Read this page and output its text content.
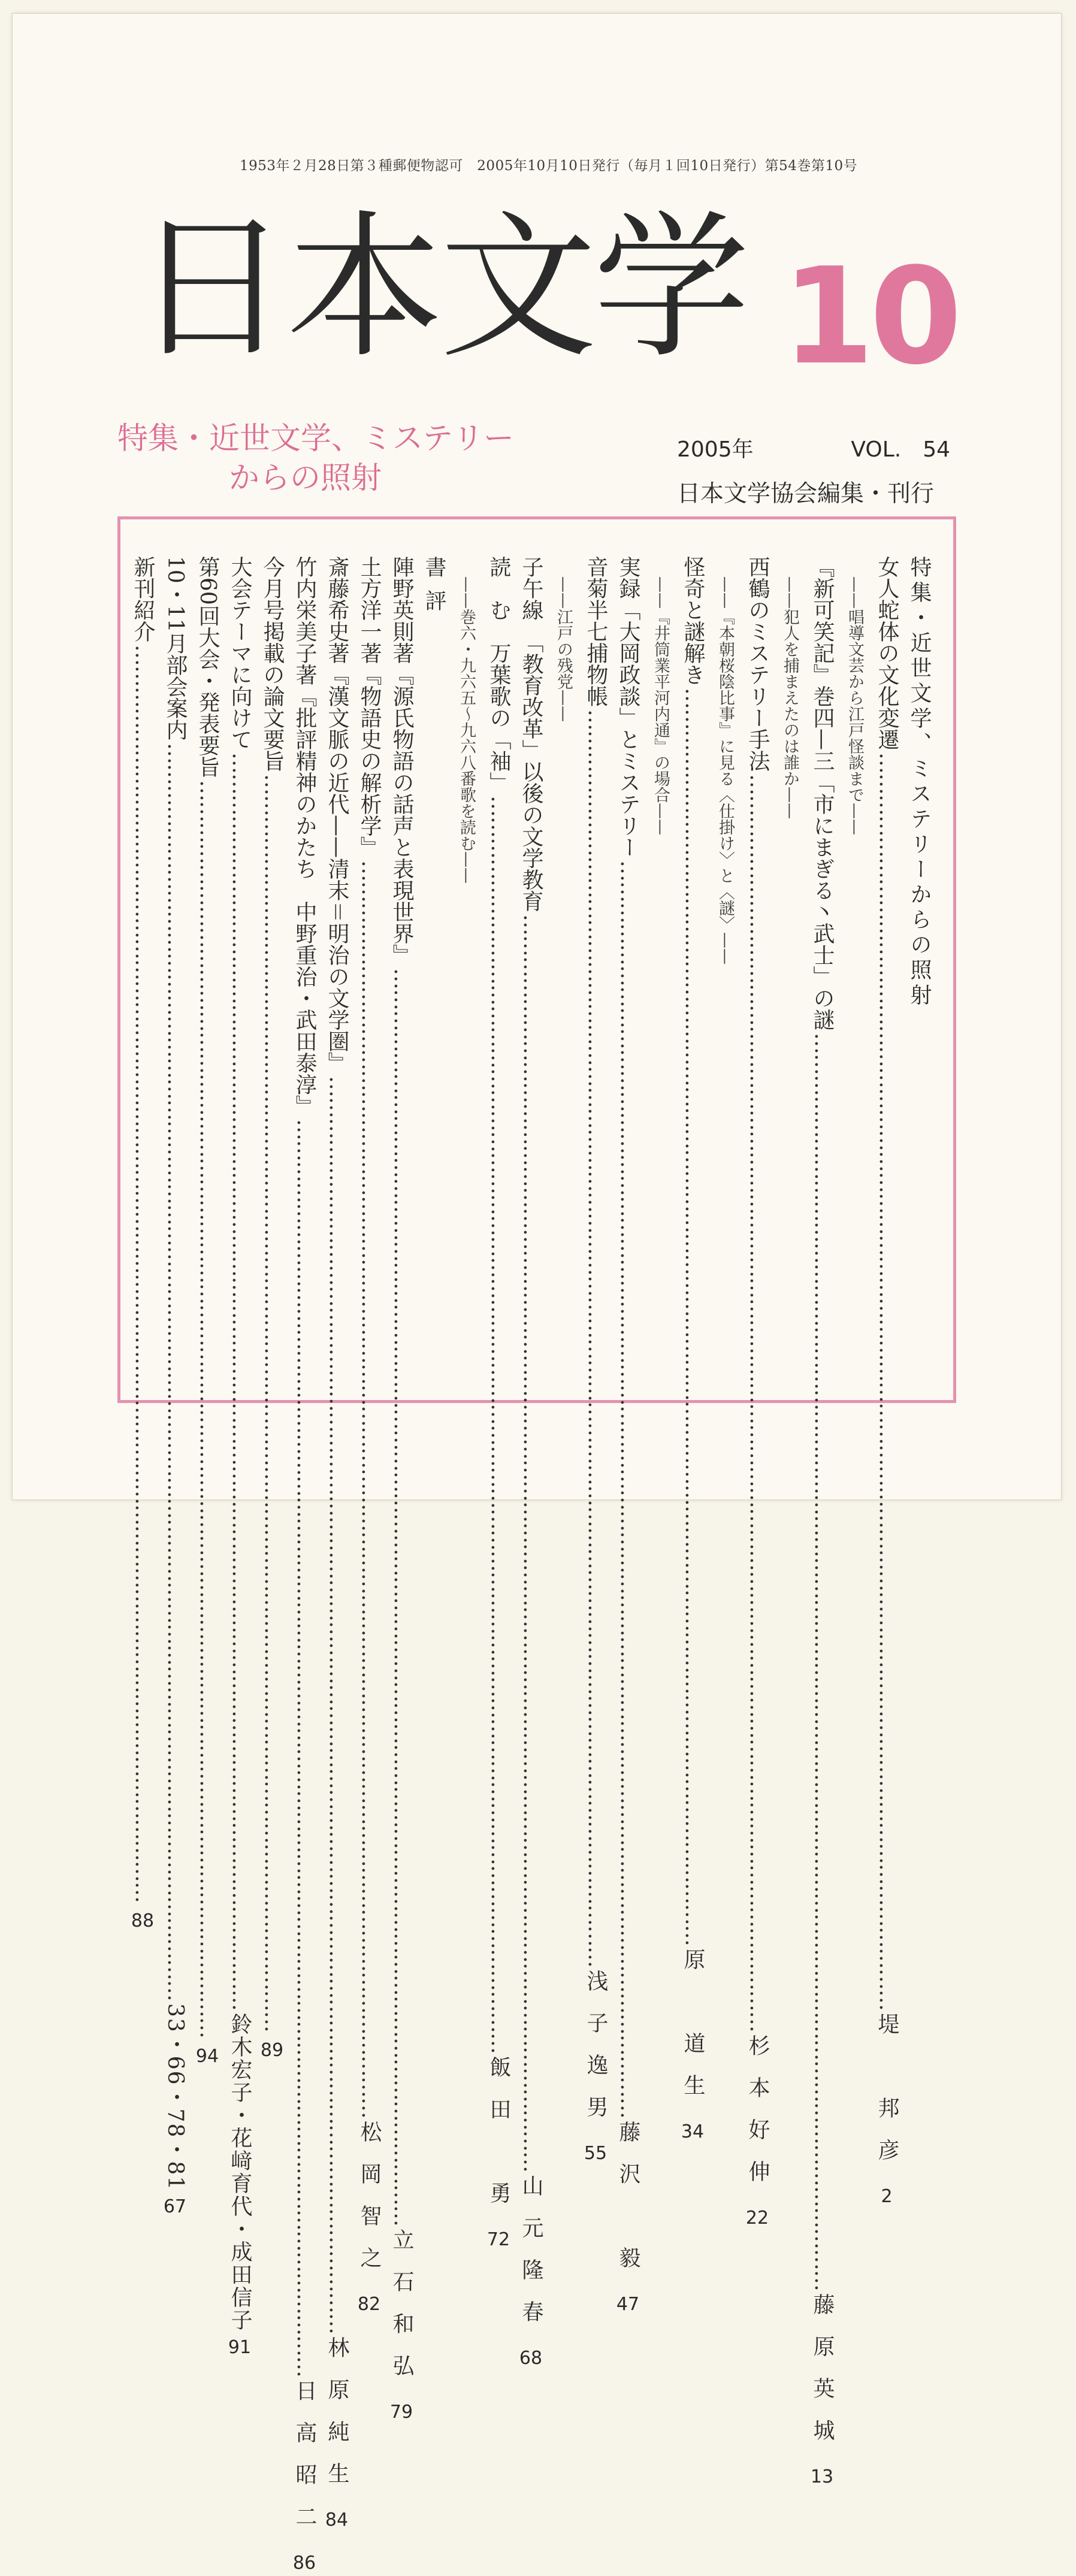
1953年２月28日第３種郵便物認可　2005年10月10日発行（毎月１回10日発行）第54巻第10号
日本文学 10
特集・近世文学、ミステリー
からの照射
2005年	VOL.　54
日本文学協会編集・刊行
特集・近世文学、ミステリーからの照射
女人蛇体の文化変遷
………………………………………………………………………………………………………………………………………………………………
堤　邦彦
2
——唱導文芸から江戸怪談まで——
『新可笑記』巻四—三「市にまぎる丶武士」の謎
………………………………………………………………………………………………………………………………………………………………
藤原英城
13
——犯人を捕まえたのは誰か——
西鶴のミステリー手法
………………………………………………………………………………………………………………………………………………………………
杉本好伸
22
——『本朝桜陰比事』に見る〈仕掛け〉と〈謎〉——
怪奇と謎解き
………………………………………………………………………………………………………………………………………………………………
原　道生
34
——『井筒業平河内通』の場合——
実録「大岡政談」とミステリー
………………………………………………………………………………………………………………………………………………………………
藤沢　毅
47
音菊半七捕物帳
………………………………………………………………………………………………………………………………………………………………
浅子逸男
55
——江戸の残党——
子午線　「教育改革」以後の文学教育
………………………………………………………………………………………………………………………………………………………………
山元隆春
68
読　む　万葉歌の「袖」
………………………………………………………………………………………………………………………………………………………………
飯田　勇
72
——巻六・九六五〜九六八番歌を読む——
書評
陣野英則著『源氏物語の話声と表現世界』
………………………………………………………………………………………………………………………………………………………………
立石和弘
79
土方洋一著『物語史の解析学』
………………………………………………………………………………………………………………………………………………………………
松岡智之
82
斎藤希史著『漢文脈の近代——清末＝明治の文学圏』
………………………………………………………………………………………………………………………………………………………………
林原純生
84
竹内栄美子著『批評精神のかたち　中野重治・武田泰淳』
………………………………………………………………………………………………………………………………………………………………
日高昭二
86
今月号掲載の論文要旨
………………………………………………………………………………………………………………………………………………………………
89
大会テーマに向けて
………………………………………………………………………………………………………………………………………………………………
鈴木宏子・花﨑育代・成田信子
91
第60回大会・発表要旨
………………………………………………………………………………………………………………………………………………………………
94
10・11月部会案内
………………………………………………………………………………………………………………………………………………………………
33・66・78・81
67
新刊紹介
………………………………………………………………………………………………………………………………………………………………
88
